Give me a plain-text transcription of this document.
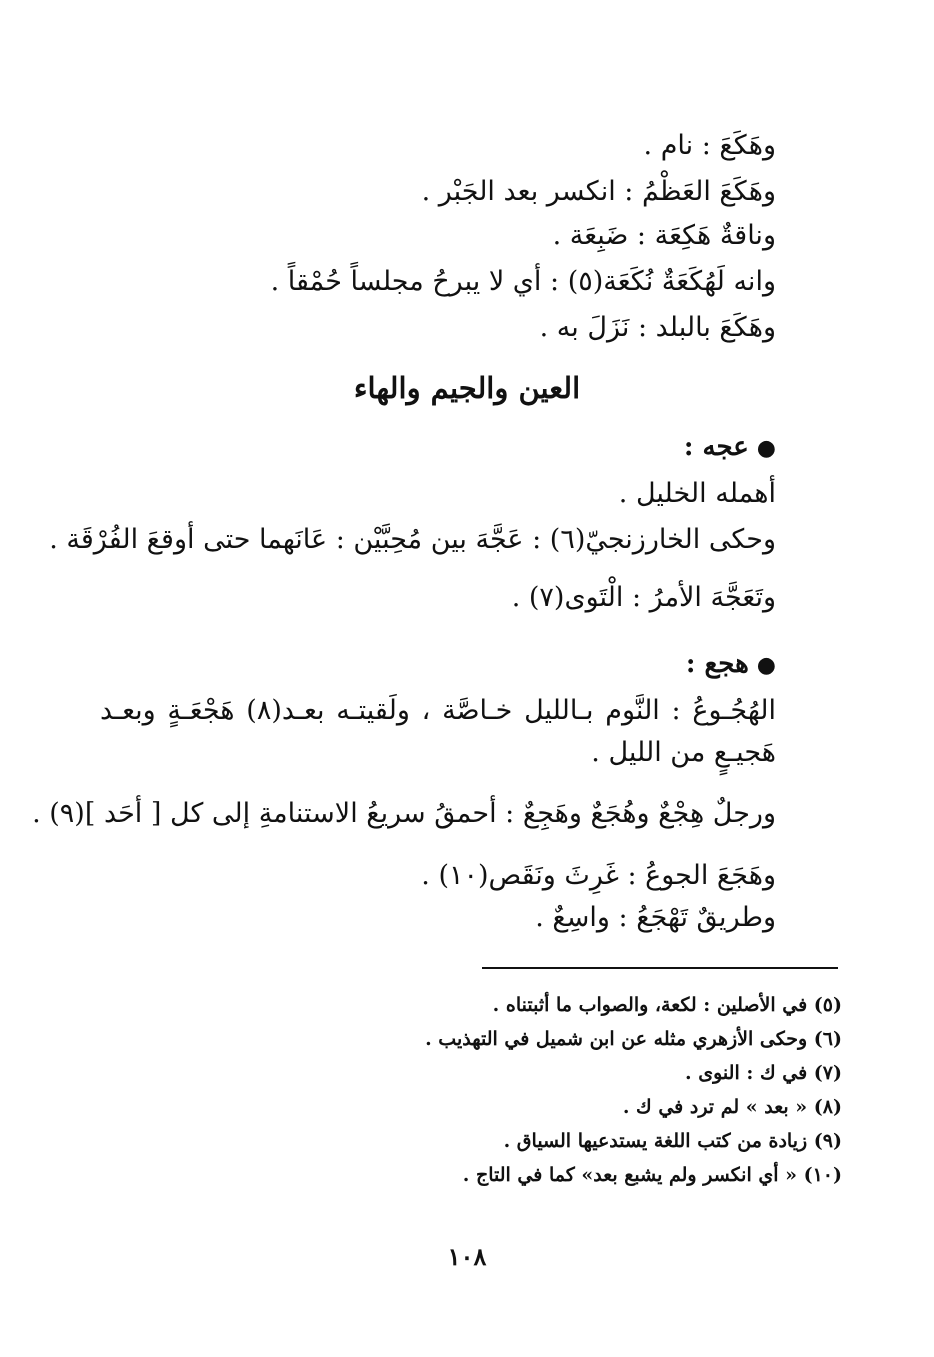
وهَكَعَ : نام .
وهَكَعَ العَظْمُ : انكسر بعد الجَبْر .
وناقةٌ هَكِعَة : ضَبِعَة .
وانه لَهُكَعَةٌ نُكَعَة(٥) : أي لا يبرحُ مجلساً حُمْقاً .
وهَكَعَ بالبلد : نَزَلَ به .
العين والجيم والهاء
●عجه :
أهمله الخليل .
وحكى الخارزنجيّ(٦) : عَجَّهَ بين مُحِبَّيْن : عَانَهما حتى أوقعَ الفُرْقَة .
وتَعَجَّهَ الأمرُ : الْتَوى(٧) .
●هجع :
الهُجُـوعُ : النَّوم بـالليل خـاصَّة ، ولَقيتـه بعـد(٨) هَجْعَـةٍ وبعـد هَجيـعٍ من الليل .
ورجلٌ هِجْعٌ وهُجَعٌ وهَجِعٌ : أحمقُ سريعُ الاستنامةِ إلى كل [ أحَد ](٩) .
وهَجَعَ الجوعُ : غَرِثَ ونَقَص(١٠) .
وطريقٌ تَهْجَعُ : واسِعٌ .
(٥) في الأصلين : لكعة، والصواب ما أثبتناه .
(٦) وحكى الأزهري مثله عن ابن شميل في التهذيب .
(٧) في ك : النوى .
(٨) « بعد » لم ترد في ك .
(٩) زيادة من كتب اللغة يستدعيها السياق .
(١٠) « أي انكسر ولم يشبع بعد» كما في التاج .
١٠٨
